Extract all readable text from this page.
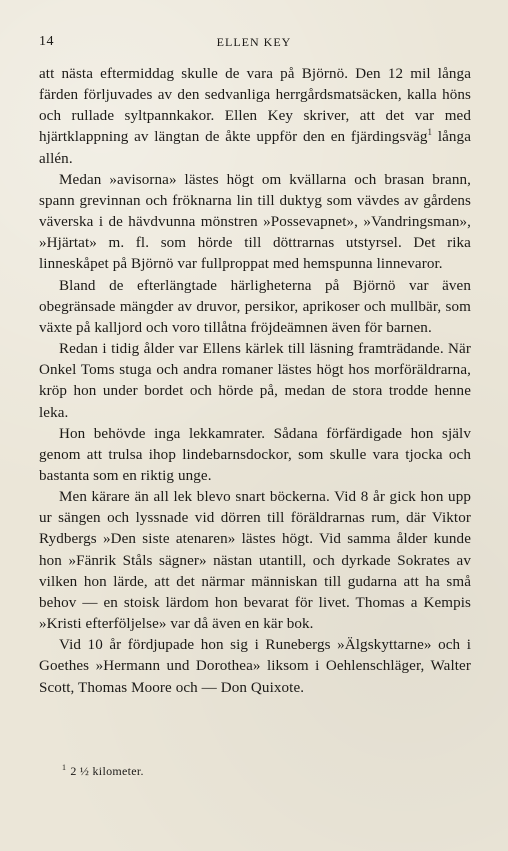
14	ELLEN KEY

att nästa eftermiddag skulle de vara på Björnö. Den 12 mil långa färden förljuvades av den sedvanliga herrgårdsmatsäcken, kalla höns och rullade syltpannkakor. Ellen Key skriver, att det var med hjärtklappning av längtan de åkte uppför den en fjärdingsväg$^1$ långa allén.

Medan »avisorna» lästes högt om kvällarna och brasan brann, spann grevinnan och fröknarna lin till duktyg som vävdes av gårdens väverska i de hävdvunna mönstren »Possevapnet», »Vandringsman», »Hjärtat» m. fl. som hörde till döttrarnas utstyrsel. Det rika linneskåpet på Björnö var fullproppat med hemspunna linnevaror.

Bland de efterlängtade härligheterna på Björnö var även obegränsade mängder av druvor, persikor, aprikoser och mullbär, som växte på kalljord och voro tillåtna fröjdeämnen även för barnen.

Redan i tidig ålder var Ellens kärlek till läsning framträdande. När Onkel Toms stuga och andra romaner lästes högt hos morföräldrarna, kröp hon under bordet och hörde på, medan de stora trodde henne leka.

Hon behövde inga lekkamrater. Sådana förfärdigade hon själv genom att trulsa ihop lindebarnsdockor, som skulle vara tjocka och bastanta som en riktig unge.

Men kärare än all lek blevo snart böckerna. Vid 8 år gick hon upp ur sängen och lyssnade vid dörren till föräldrarnas rum, där Viktor Rydbergs »Den siste atenaren» lästes högt. Vid samma ålder kunde hon »Fänrik Ståls sägner» nästan utantill, och dyrkade Sokrates av vilken hon lärde, att det närmar människan till gudarna att ha små behov — en stoisk lärdom hon bevarat för livet. Thomas a Kempis »Kristi efterföljelse» var då även en kär bok.

Vid 10 år fördjupade hon sig i Runebergs »Älgskyttarne» och i Goethes »Hermann und Dorothea» liksom i Oehlenschläger, Walter Scott, Thomas Moore och — Don Quixote.

$^1$ 2 ½ kilometer.
